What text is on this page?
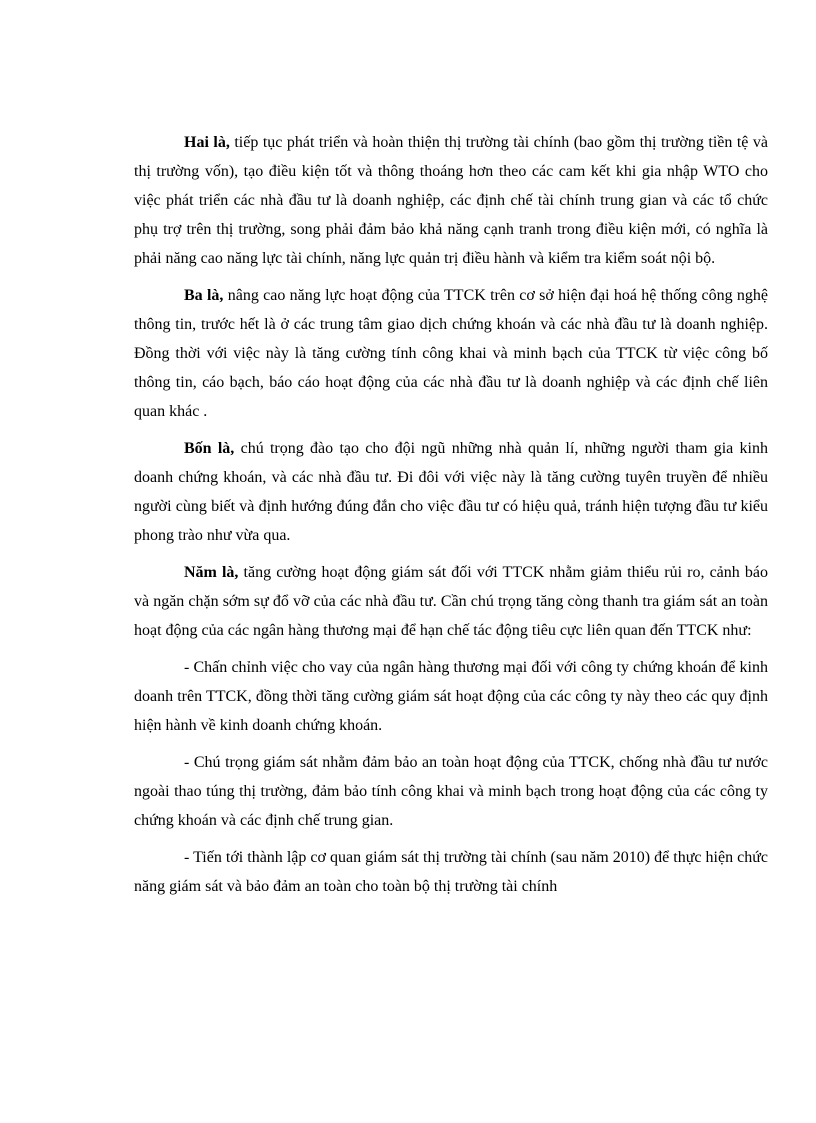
Hai là, tiếp tục phát triển và hoàn thiện thị trường tài chính (bao gồm thị trường tiền tệ và thị trường vốn), tạo điều kiện tốt và thông thoáng hơn theo các cam kết khi gia nhập WTO cho việc phát triển các nhà đầu tư là doanh nghiệp, các định chế tài chính trung gian và các tổ chức phụ trợ trên thị trường, song phải đảm bảo khả năng cạnh tranh trong điều kiện mới, có nghĩa là phải năng cao năng lực tài chính, năng lực quản trị điều hành và kiểm tra kiểm soát nội bộ.

Ba là, nâng cao năng lực hoạt động của TTCK trên cơ sở hiện đại hoá hệ thống công nghệ thông tin, trước hết là ở các trung tâm giao dịch chứng khoán và các nhà đầu tư là doanh nghiệp. Đồng thời với việc này là tăng cường tính công khai và minh bạch của TTCK từ việc công bố thông tin, cáo bạch, báo cáo hoạt động của các nhà đầu tư là doanh nghiệp và các định chế liên quan khác .

Bốn là, chú trọng đào tạo cho đội ngũ những nhà quản lí, những người tham gia kinh doanh chứng khoán, và các nhà đầu tư. Đi đôi với việc này là tăng cường tuyên truyền để nhiều người cùng biết và định hướng đúng đắn cho việc đầu tư có hiệu quả, tránh hiện tượng đầu tư kiểu phong trào như vừa qua.

Năm là, tăng cường hoạt động giám sát đối với TTCK nhằm giảm thiểu rủi ro, cảnh báo và ngăn chặn sớm sự đổ vỡ của các nhà đầu tư. Cần chú trọng tăng còng thanh tra giám sát an toàn hoạt động của các ngân hàng thương mại để hạn chế tác động tiêu cực liên quan đến TTCK như:

- Chấn chỉnh việc cho vay của ngân hàng thương mại đối với công ty chứng khoán để kinh doanh trên TTCK, đồng thời tăng cường giám sát hoạt động của các công ty này theo các quy định hiện hành về kinh doanh chứng khoán.

- Chú trọng giám sát nhằm đảm bảo an toàn hoạt động của TTCK, chống nhà đầu tư nước ngoài thao túng thị trường, đảm bảo tính công khai và minh bạch trong hoạt động của các công ty chứng khoán và các định chế trung gian.

- Tiến tới thành lập cơ quan giám sát thị trường tài chính (sau năm 2010) để thực hiện chức năng giám sát và bảo đảm an toàn cho toàn bộ thị trường tài chính
